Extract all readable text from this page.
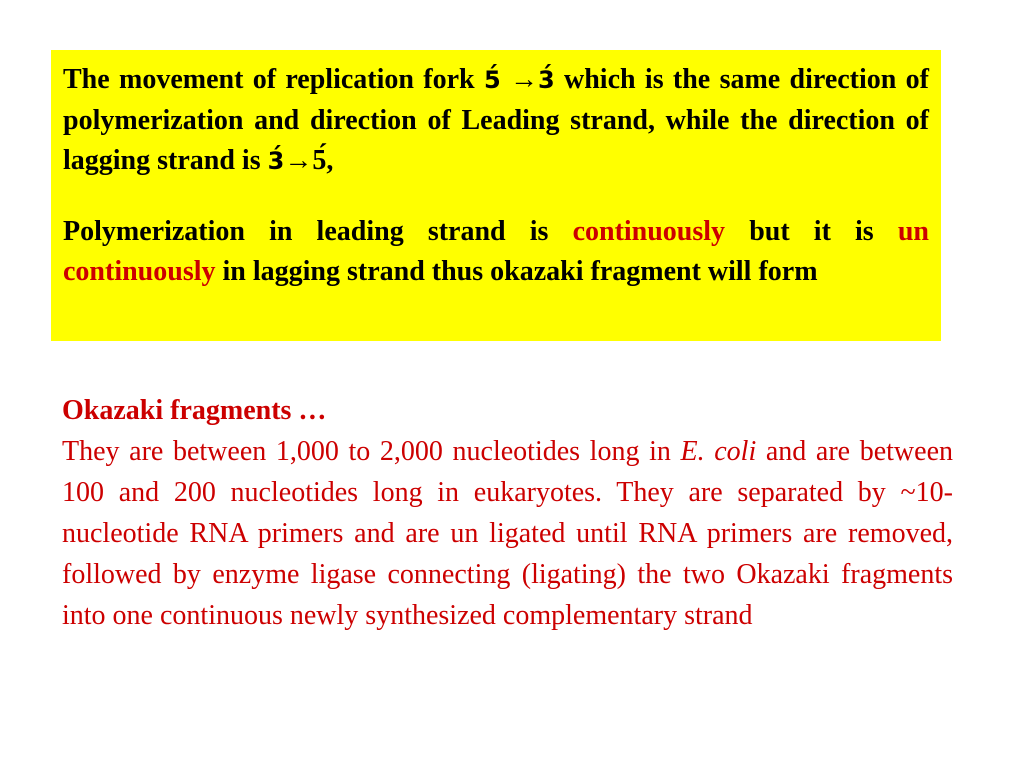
The movement of replication fork 5́ →3́ which is the same direction of polymerization and direction of Leading strand, while the direction of lagging strand is 3́→5́,

Polymerization in leading strand is continuously but it is un continuously in lagging strand thus okazaki fragment will form

Okazaki fragments …

They are between 1,000 to 2,000 nucleotides long in E. coli and are between 100 and 200 nucleotides long in eukaryotes. They are separated by ~10-nucleotide RNA primers and are un ligated until RNA primers are removed, followed by enzyme ligase connecting (ligating) the two Okazaki fragments into one continuous newly synthesized complementary strand
